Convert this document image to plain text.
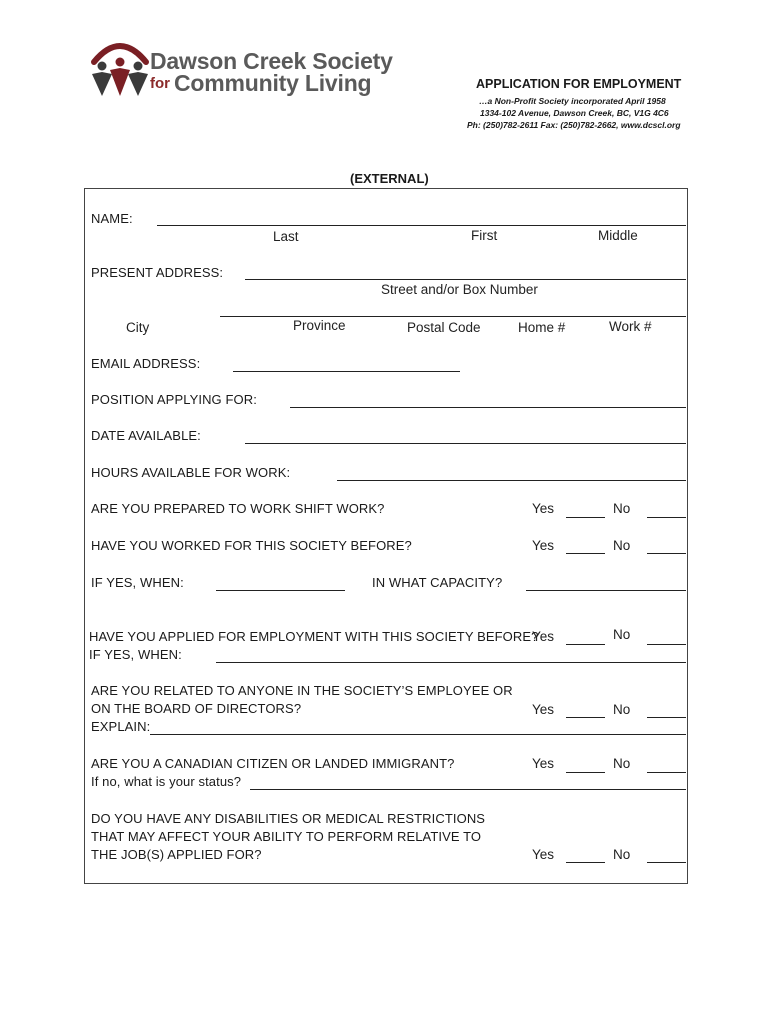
Dawson Creek Society
for Community Living	APPLICATION FOR EMPLOYMENT
…a Non-Profit Society incorporated April 1958
1334-102 Avenue, Dawson Creek, BC, V1G 4C6
Ph: (250)782-2611 Fax: (250)782-2662, www.dcscl.org
(EXTERNAL)
NAME:
Last	First	Middle
PRESENT ADDRESS:
Street and/or Box Number
City	Province	Postal Code	Home #	Work #
EMAIL ADDRESS:
POSITION APPLYING FOR:
DATE AVAILABLE:
HOURS AVAILABLE FOR WORK:
ARE YOU PREPARED TO WORK SHIFT WORK?	Yes	No
HAVE YOU WORKED FOR THIS SOCIETY BEFORE?	Yes	No
IF YES, WHEN:	IN WHAT CAPACITY?
HAVE YOU APPLIED FOR EMPLOYMENT WITH THIS SOCIETY BEFORE?
Yes	No
IF YES, WHEN:
ARE YOU RELATED TO ANYONE IN THE SOCIETY’S EMPLOYEE OR
ON THE BOARD OF DIRECTORS?	Yes	No
EXPLAIN:
ARE YOU A CANADIAN CITIZEN OR LANDED IMMIGRANT?	Yes	No
If no, what is your status?
DO YOU HAVE ANY DISABILITIES OR MEDICAL RESTRICTIONS
THAT MAY AFFECT YOUR ABILITY TO PERFORM RELATIVE TO
THE JOB(S) APPLIED FOR?	Yes	No
